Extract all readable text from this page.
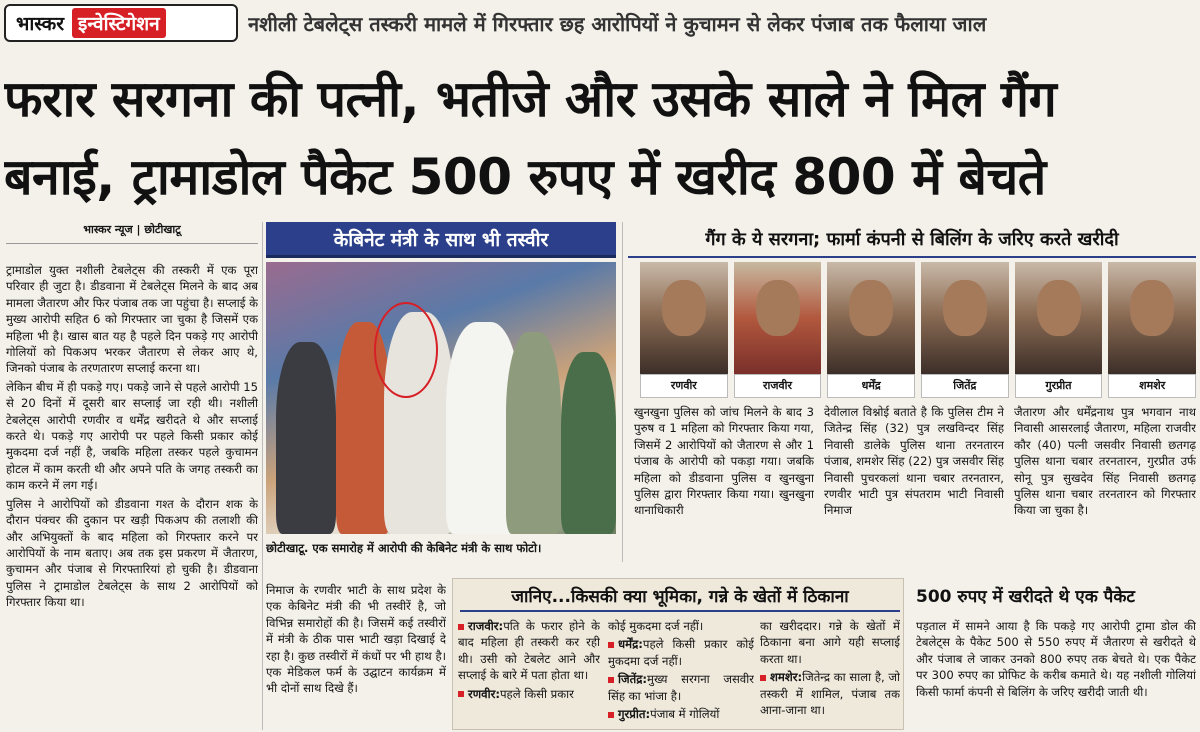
भास्कर इन्वेस्टिगेशन	नशीली टेबलेट्स तस्करी मामले में गिरफ्तार छह आरोपियों ने कुचामन से लेकर पंजाब तक फैलाया जाल
फरार सरगना की पत्नी, भतीजे और उसके साले ने मिल गैंग
बनाई, ट्रामाडोल पैकेट 500 रुपए में खरीद 800 में बेचते
भास्कर न्यूज | छोटीखाटू

ट्रामाडोल युक्त नशीली टेबलेट्स की तस्करी में एक पूरा परिवार ही जुटा है। डीडवाना में टेबलेट्स मिलने के बाद अब मामला जैतारण और फिर पंजाब तक जा पहुंचा है। सप्लाई के मुख्य आरोपी सहित 6 को गिरफ्तार जा चुका है जिसमें एक महिला भी है। खास बात यह है पहले दिन पकड़े गए आरोपी गोलियों को पिकअप भरकर जैतारण से लेकर आए थे, जिनको पंजाब के तरणतारण सप्लाई करना था।

लेकिन बीच में ही पकड़े गए। पकड़े जाने से पहले आरोपी 15 से 20 दिनों में दूसरी बार सप्लाई जा रही थी। नशीली टेबलेट्स आरोपी रणवीर व धर्मेंद्र खरीदते थे और सप्लाई करते थे। पकड़े गए आरोपी पर पहले किसी प्रकार कोई मुकदमा दर्ज नहीं है, जबकि महिला तस्कर पहले कुचामन होटल में काम करती थी और अपने पति के जगह तस्करी का काम करने में लग गई।

पुलिस ने आरोपियों को डीडवाना गश्त के दौरान शक के दौरान पंक्चर की दुकान पर खड़ी पिकअप की तलाशी की और अभियुक्तों के बाद महिला को गिरफ्तार करने पर आरोपियों के नाम बताए। अब तक इस प्रकरण में जैतारण, कुचामन और पंजाब से गिरफ्तारियां हो चुकी है। डीडवाना पुलिस ने ट्रामाडोल टेबलेट्स के साथ 2 आरोपियों को गिरफ्तार किया था।

केबिनेट मंत्री के साथ भी तस्वीर
छोटीखाटू. एक समारोह में आरोपी की केबिनेट मंत्री के साथ फोटो।
निमाज के रणवीर भाटी के साथ प्रदेश के एक केबिनेट मंत्री की भी तस्वीरें है, जो विभिन्न समारोहों की है। जिसमें कई तस्वीरों में मंत्री के ठीक पास भाटी खड़ा दिखाई दे रहा है। कुछ तस्वीरों में कंधों पर भी हाथ है। एक मेडिकल फर्म के उद्घाटन कार्यक्रम में भी दोनों साथ दिखे हैं।
गैंग के ये सरगना; फार्मा कंपनी से बिलिंग के जरिए करते खरीदी
रणवीर	राजवीर	धर्मेंद्र	जितेंद्र	गुरप्रीत	शमशेर
खुनखुना पुलिस को जांच मिलने के बाद 3 पुरुष व 1 महिला को गिरफ्तार किया गया, जिसमें 2 आरोपियों को जैतारण से और 1 पंजाब के आरोपी को पकड़ा गया। जबकि महिला को डीडवाना पुलिस व खुनखुना पुलिस द्वारा गिरफ्तार किया गया। खुनखुना थानाधिकारी
देवीलाल विश्नोई बताते है कि पुलिस टीम ने जितेन्द्र सिंह (32) पुत्र लखविन्दर सिंह निवासी डालेके पुलिस थाना तरनतारन पंजाब, शमशेर सिंह (22) पुत्र जसवीर सिंह निवासी पुचरकलां थाना चबार तरनतारन, रणवीर भाटी पुत्र संपतराम भाटी निवासी निमाज
जैतारण और धर्मेंद्रनाथ पुत्र भगवान नाथ निवासी आसरलाई जैतारण, महिला राजवीर कौर (40) पत्नी जसवीर निवासी छतगढ़ पुलिस थाना चबार तरनतारन, गुरप्रीत उर्फ सोनू पुत्र सुखदेव सिंह निवासी छतगढ़ पुलिस थाना चबार तरनतारन को गिरफ्तार किया जा चुका है।
जानिए...किसकी क्या भूमिका, गन्ने के खेतों में ठिकाना
राजवीर:पति के फरार होने के बाद महिला ही तस्करी कर रही थी। उसी को टेबलेट आने और सप्लाई के बारे में पता होता था।
रणवीर:पहले किसी प्रकार
कोई मुकदमा दर्ज नहीं।
धर्मेंद्र:पहले किसी प्रकार कोई मुकदमा दर्ज नहीं।
जितेंद्र:मुख्य सरगना जसवीर सिंह का भांजा है।
गुरप्रीत:पंजाब में गोलियों
का खरीददार। गन्ने के खेतों में ठिकाना बना आगे यही सप्लाई करता था।
शमशेर:जितेन्द्र का साला है, जो तस्करी में शामिल, पंजाब तक आना-जाना था।
500 रुपए में खरीदते थे एक पैकेट
पड़ताल में सामने आया है कि पकड़े गए आरोपी ट्रामा डोल की टेबलेट्स के पैकेट 500 से 550 रुपए में जैतारण से खरीदते थे और पंजाब ले जाकर उनको 800 रुपए तक बेचते थे। एक पैकेट पर 300 रुपए का प्रोफिट के करीब कमाते थे। यह नशीली गोलियां किसी फार्मा कंपनी से बिलिंग के जरिए खरीदी जाती थी।
